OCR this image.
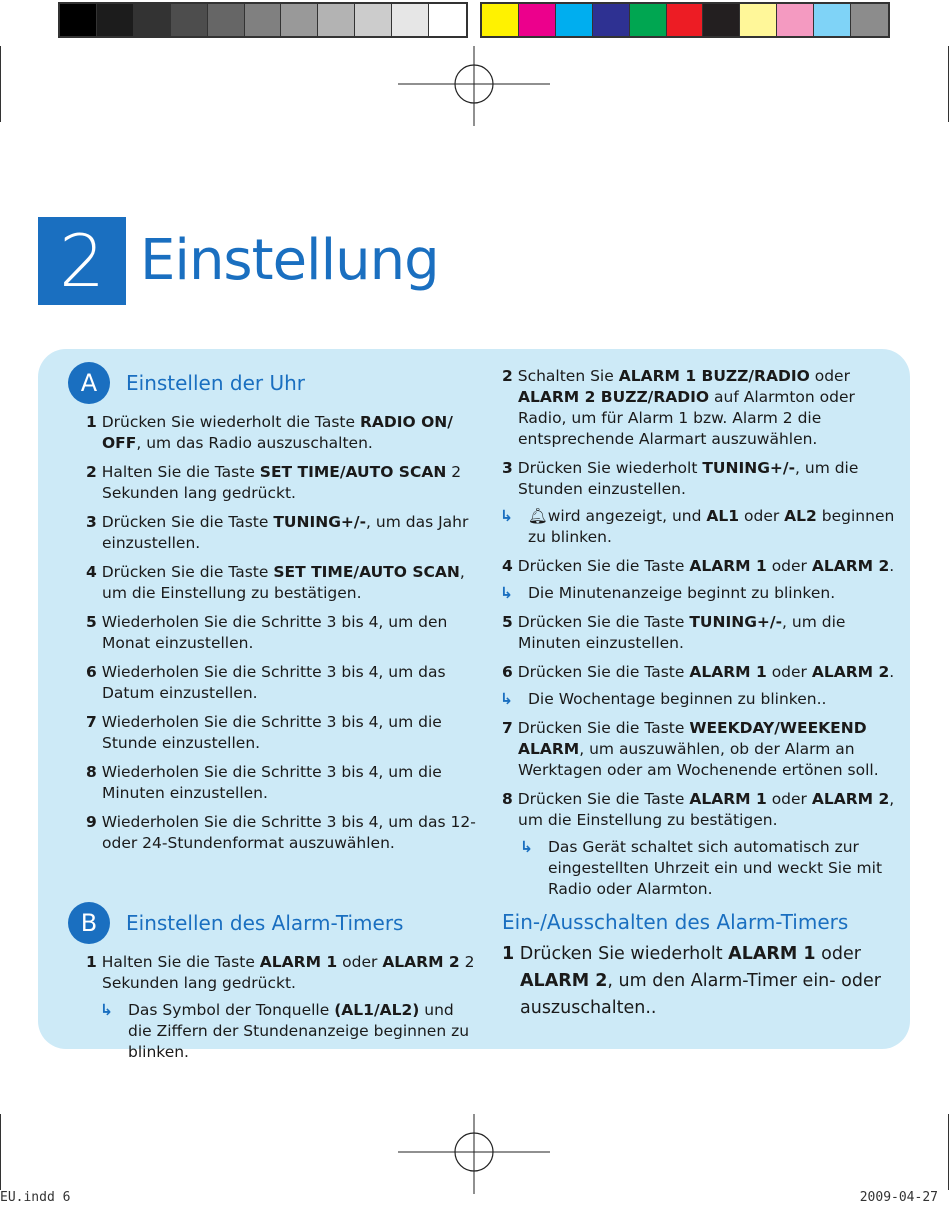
2 Einstellung
A	Einstellen der Uhr

1 Drücken Sie wiederholt die Taste RADIO ON/ OFF, um das Radio auszuschalten.

2 Halten Sie die Taste SET TIME/AUTO SCAN 2 Sekunden lang gedrückt.

3 Drücken Sie die Taste TUNING+/-, um das Jahr einzustellen.

4 Drücken Sie die Taste SET TIME/AUTO SCAN, um die Einstellung zu bestätigen.

5 Wiederholen Sie die Schritte 3 bis 4, um den Monat einzustellen.

6 Wiederholen Sie die Schritte 3 bis 4, um das Datum einzustellen.

7 Wiederholen Sie die Schritte 3 bis 4, um die Stunde einzustellen.

8 Wiederholen Sie die Schritte 3 bis 4, um die Minuten einzustellen.

9 Wiederholen Sie die Schritte 3 bis 4, um das 12- oder 24-Stundenformat auszuwählen.

B	Einstellen des Alarm-Timers

1 Halten Sie die Taste ALARM 1 oder ALARM 2 2 Sekunden lang gedrückt.

↳ Das Symbol der Tonquelle (AL1/AL2) und die Ziffern der Stundenanzeige beginnen zu blinken.

2 Schalten Sie ALARM 1 BUZZ/RADIO oder ALARM 2 BUZZ/RADIO auf Alarmton oder Radio, um für Alarm 1 bzw. Alarm 2 die entsprechende Alarmart auszuwählen.

3 Drücken Sie wiederholt TUNING+/-, um die Stunden einzustellen.

↳ 🔔︎wird angezeigt, und AL1 oder AL2 beginnen zu blinken.

4 Drücken Sie die Taste ALARM 1 oder ALARM 2.

↳ Die Minutenanzeige beginnt zu blinken.

5 Drücken Sie die Taste TUNING+/-, um die Minuten einzustellen.

6 Drücken Sie die Taste ALARM 1 oder ALARM 2.

↳ Die Wochentage beginnen zu blinken..

7 Drücken Sie die Taste WEEKDAY/WEEKEND ALARM, um auszuwählen, ob der Alarm an Werktagen oder am Wochenende ertönen soll.

8 Drücken Sie die Taste ALARM 1 oder ALARM 2, um die Einstellung zu bestätigen.

↳ Das Gerät schaltet sich automatisch zur eingestellten Uhrzeit ein und weckt Sie mit Radio oder Alarmton.

Ein-/Ausschalten des Alarm-Timers

1 Drücken Sie wiederholt ALARM 1 oder ALARM 2, um den Alarm-Timer ein- oder auszuschalten..

EU.indd 6	2009-04-27
